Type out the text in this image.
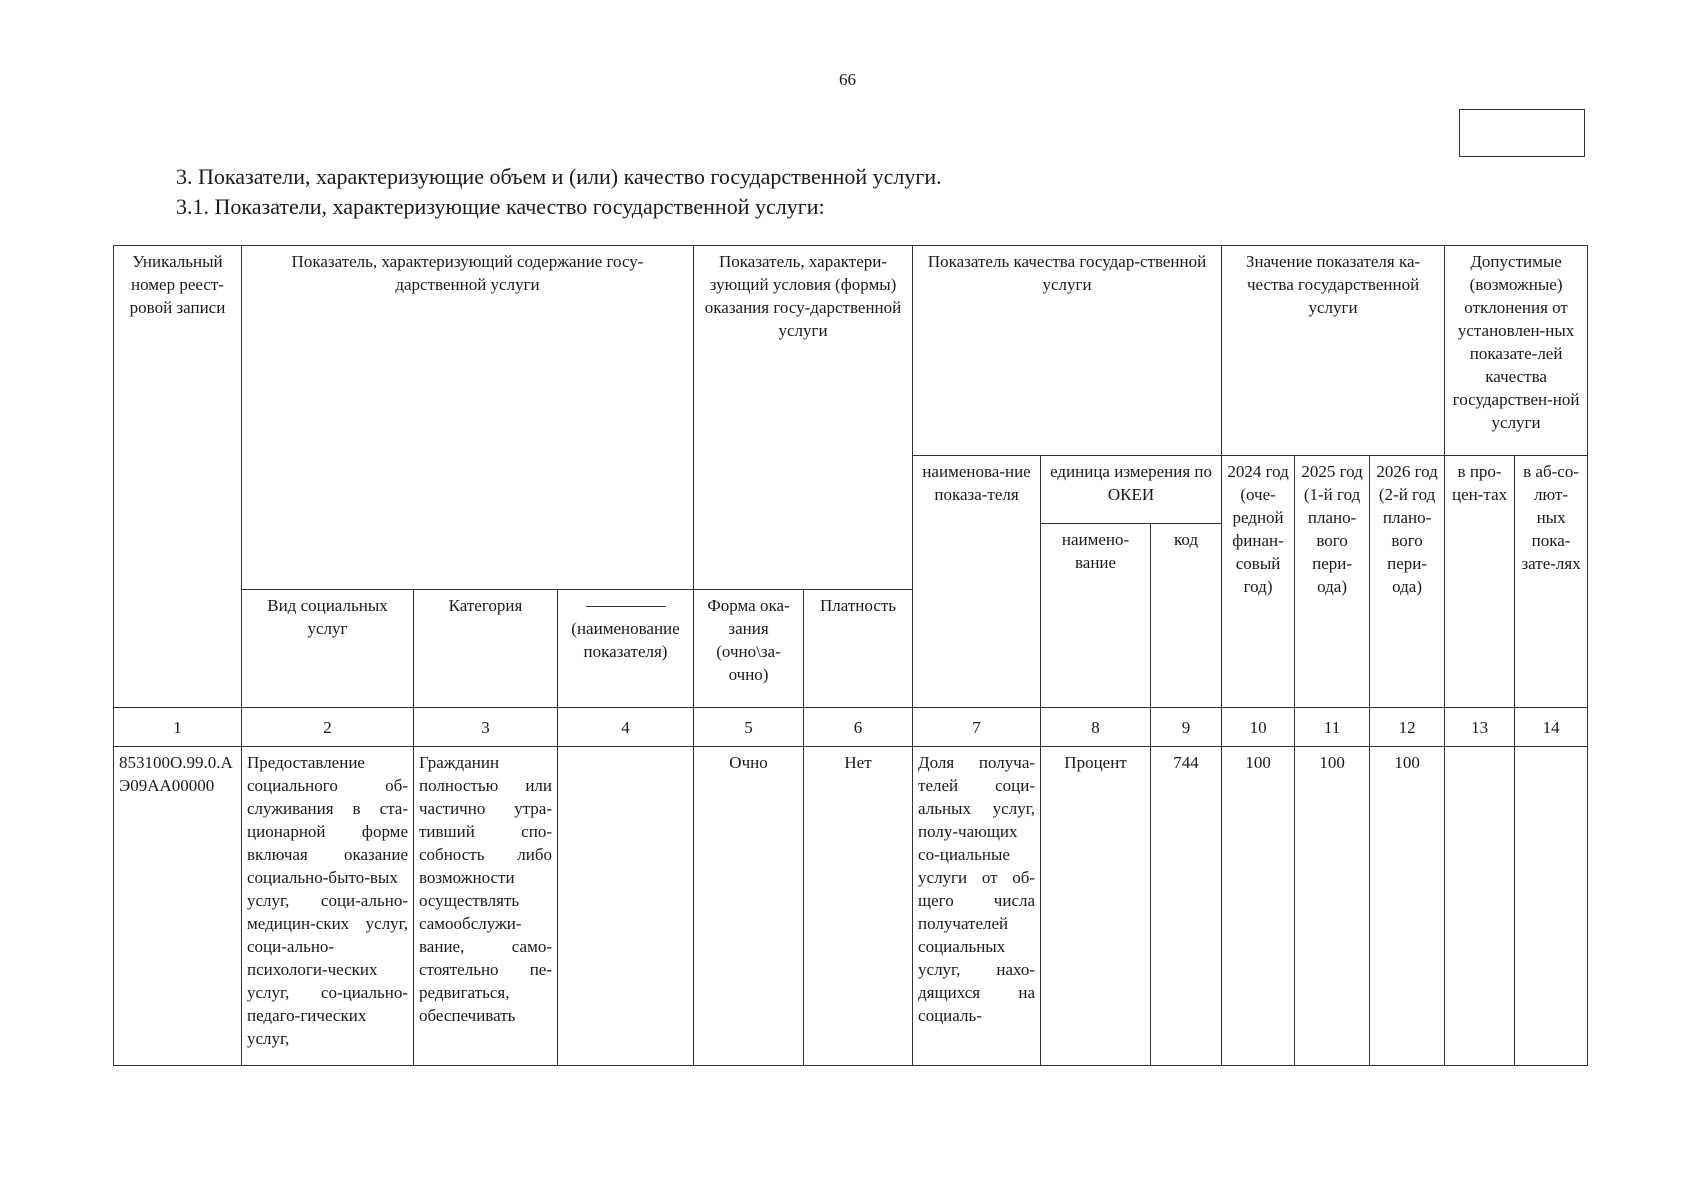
66
3. Показатели, характеризующие объем и (или) качество государственной услуги.
3.1. Показатели, характеризующие качество государственной услуги:
Уникальный номер реест-ровой записи	Показатель, характеризующий содержание госу-дарственной услуги			Показатель, характери-зующий условия (формы) оказания госу-дарственной услуги		Показатель качества государ-ственной услуги			Значение показателя ка-чества государственной услуги			Допустимые (возможные) отклонения от установлен-ных показате-лей качества государствен-ной услуги	
						наименова-ние показа-теля	единица измерения по ОКЕИ		2024 год (оче-редной финан-совый год)	2025 год (1-й год плано-вого пери-ода)	2026 год (2-й год плано-вого пери-ода)	в про-цен-тах	в аб-со-лют-ных пока-зате-лях
							наимено-вание	код					
	Вид социальных услуг	Категория	(наименование показателя)	Форма ока-зания (очно\за-очно)	Платность								
1	2	3	4	5	6	7	8	9	10	11	12	13	14
853100О.99.0.АЭ09АА00000	Предоставление социального об-служивания в ста-ционарной форме включая оказание социально-быто-вых услуг, соци-ально-медицин-ских услуг, соци-ально-психологи-ческих услуг, со-циально-педаго-гических услуг,	Гражданин полностью или частично утра-тивший спо-собность либо возможности осуществлять самообслужи-вание, само-стоятельно пе-редвигаться, обеспечивать		Очно	Нет	Доля получа-телей соци-альных услуг, полу-чающих со-циальные услуги от об-щего числа получателей социальных услуг, нахо-дящихся на социаль-	Процент	744	100	100	100		
